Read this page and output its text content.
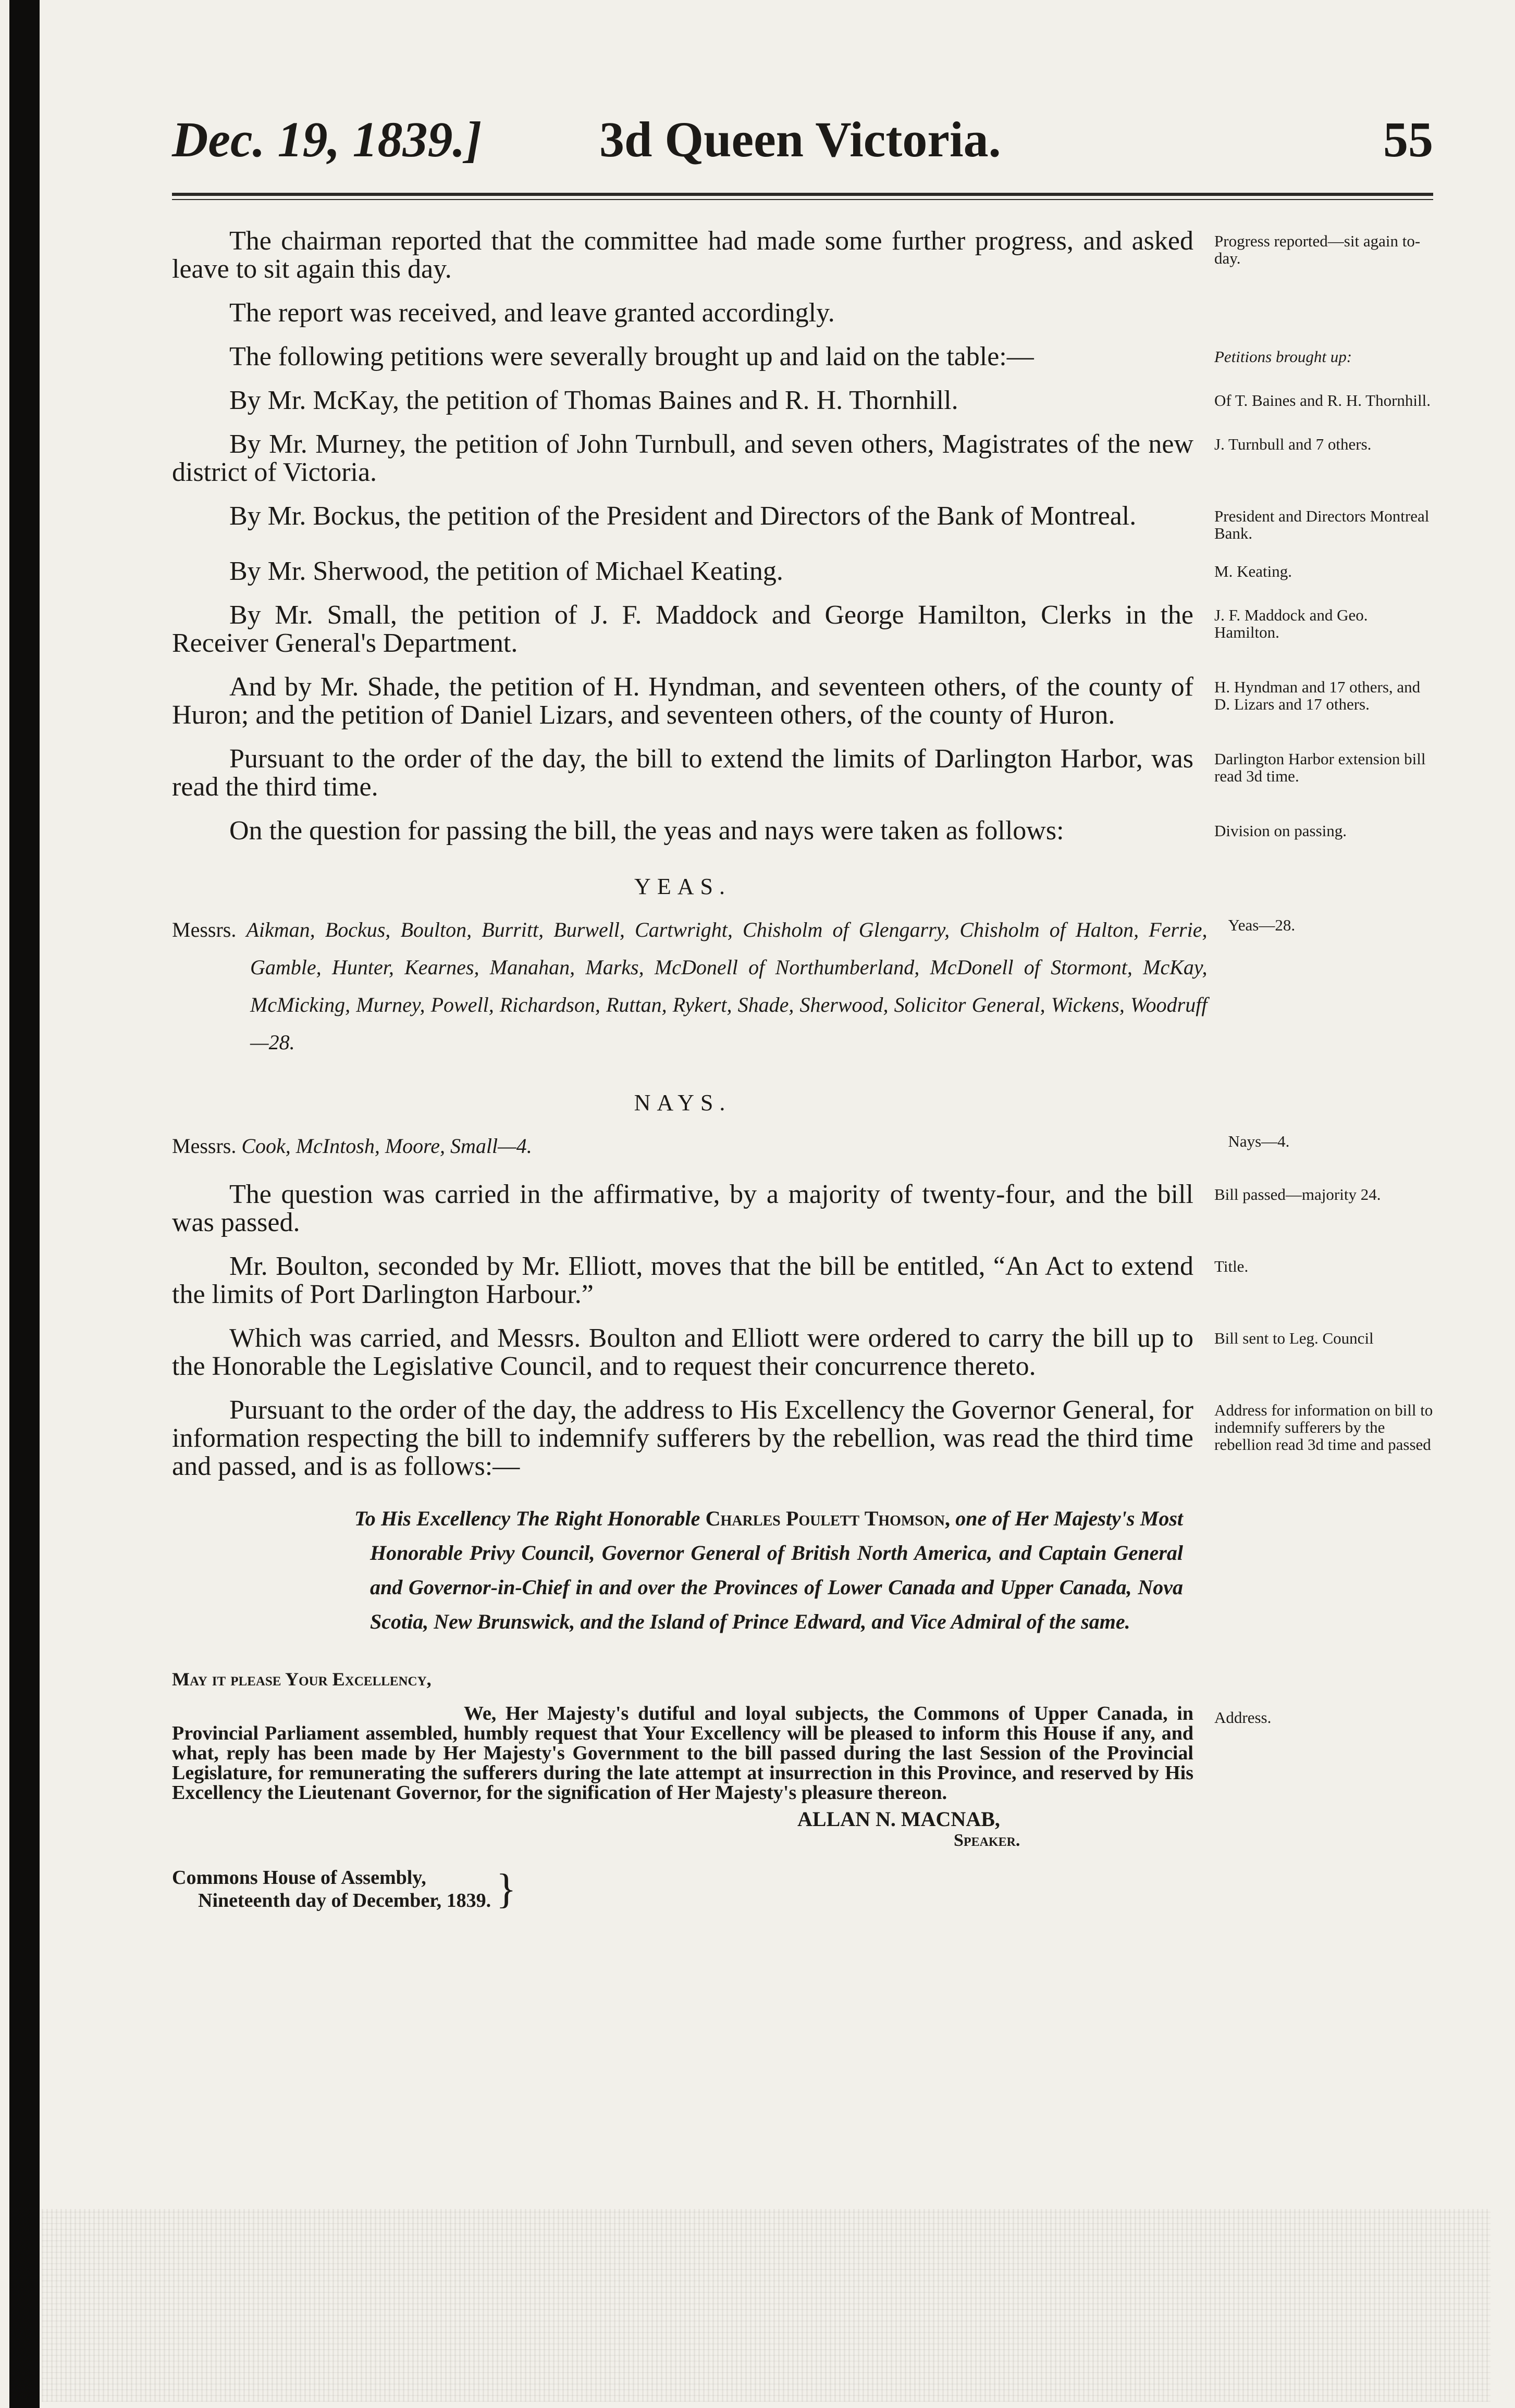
Dec. 19, 1839.] 3d Queen Victoria.	55

The chairman reported that the committee had made some further progress, and asked leave to sit again this day.

Progress reported—sit again to-day.

The report was received, and leave granted accordingly.

The following petitions were severally brought up and laid on the table:—	Petitions brought up:

By Mr. McKay, the petition of Thomas Baines and R. H. Thornhill.	Of T. Baines and R. H. Thornhill.

By Mr. Murney, the petition of John Turnbull, and seven others, Magistrates of the new district of Victoria.

J. Turnbull and 7 others.

By Mr. Bockus, the petition of the President and Directors of the Bank of Montreal.	President and Directors Montreal Bank.

By Mr. Sherwood, the petition of Michael Keating.	M. Keating.

By Mr. Small, the petition of J. F. Maddock and George Hamilton, Clerks in the Receiver General's Department.

J. F. Maddock and Geo. Hamilton.

And by Mr. Shade, the petition of H. Hyndman, and seventeen others, of the county of Huron; and the petition of Daniel Lizars, and seventeen others, of the county of Huron.

H. Hyndman and 17 others, and D. Lizars and 17 others.

Pursuant to the order of the day, the bill to extend the limits of Darlington Harbor, was read the third time.

Darlington Harbor extension bill read 3d time.

On the question for passing the bill, the yeas and nays were taken as follows:	Division on passing.
YEAS.

Messrs. Aikman, Bockus, Boulton, Burritt, Burwell, Cartwright, Chisholm of Glengarry, Chisholm of Halton, Ferrie, Gamble, Hunter, Kearnes, Manahan, Marks, McDonell of Northumberland, McDonell of Stormont, McKay, McMicking, Murney, Powell, Richardson, Ruttan, Rykert, Shade, Sherwood, Solicitor General, Wickens, Woodruff—28.

Yeas—28.
NAYS.

Messrs. Cook, McIntosh, Moore, Small—4.	Nays—4.

The question was carried in the affirmative, by a majority of twenty-four, and the bill was passed.

Bill passed—majority 24.

Mr. Boulton, seconded by Mr. Elliott, moves that the bill be entitled, “An Act to extend the limits of Port Darlington Harbour.”

Title.

Which was carried, and Messrs. Boulton and Elliott were ordered to carry the bill up to the Honorable the Legislative Council, and to request their concurrence thereto.

Bill sent to Leg. Council

Pursuant to the order of the day, the address to His Excellency the Governor General, for information respecting the bill to indemnify sufferers by the rebellion, was read the third time and passed, and is as follows:—

Address for information on bill to indemnify sufferers by the rebellion read 3d time and passed

To His Excellency The Right Honorable Charles Poulett Thomson, one of Her Majesty's Most Honorable Privy Council, Governor General of British North America, and Captain General and Governor-in-Chief in and over the Provinces of Lower Canada and Upper Canada, Nova Scotia, New Brunswick, and the Island of Prince Edward, and Vice Admiral of the same.

May it please Your Excellency,

We, Her Majesty's dutiful and loyal subjects, the Commons of Upper Canada, in Provincial Parliament assembled, humbly request that Your Excellency will be pleased to inform this House if any, and what, reply has been made by Her Majesty's Government to the bill passed during the last Session of the Provincial Legislature, for remunerating the sufferers during the late attempt at insurrection in this Province, and reserved by His Excellency the Lieutenant Governor, for the signification of Her Majesty's pleasure thereon.

Address.
ALLAN N. MACNAB,
Speaker.
Commons House of Assembly,
Nineteenth day of December, 1839. }
